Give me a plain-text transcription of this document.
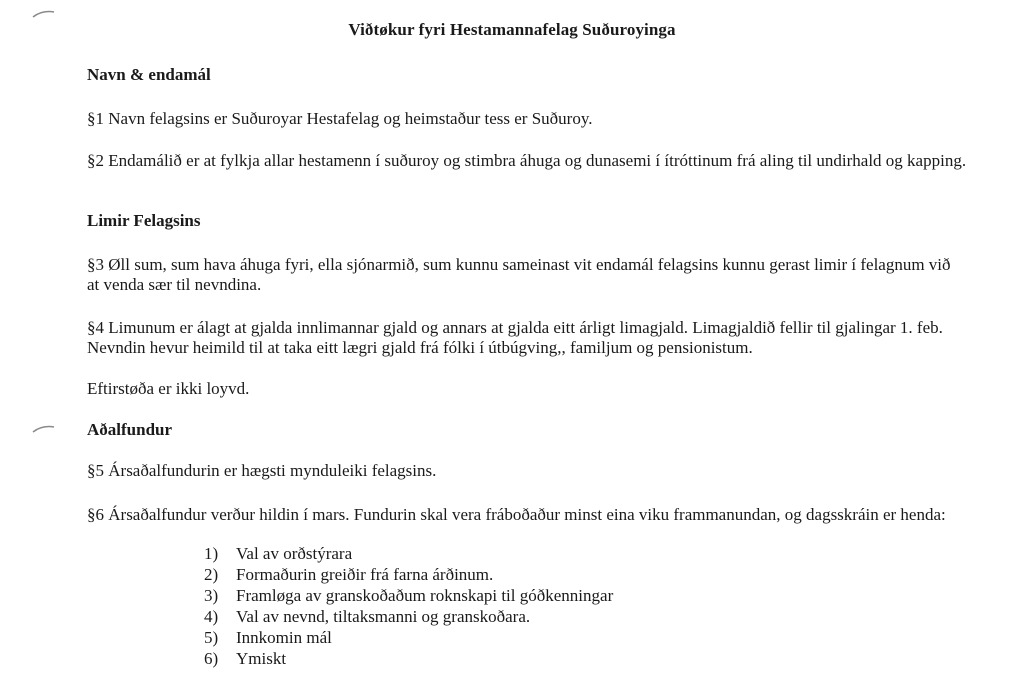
Viðtøkur fyri Hestamannafelag Suðuroyinga
Navn & endamál
§1 Navn felagsins er Suðuroyar Hestafelag og heimstaður tess er Suðuroy.
§2 Endamálið er at fylkja allar hestamenn í suðuroy og stimbra áhuga og dunasemi í ítróttinum frá aling til undirhald og kapping.
Limir Felagsins
§3 Øll sum, sum hava áhuga fyri, ella sjónarmið, sum kunnu sameinast vit endamál felagsins kunnu gerast limir í felagnum við at venda sær til nevndina.
§4 Limunum er álagt at gjalda innlimannar gjald og annars at gjalda eitt árligt limagjald. Limagjaldið fellir til gjalingar 1. feb. Nevndin hevur heimild til at taka eitt lægri gjald frá fólki í útbúgving,, familjum og pensionistum.
Eftirstøða er ikki loyvd.
Aðalfundur
§5 Ársaðalfundurin er hægsti mynduleiki felagsins.
§6 Ársaðalfundur verður hildin í mars. Fundurin skal vera fráboðaður minst eina viku frammanundan, og dagsskráin er henda:
1) Val av orðstýrara
2) Formaðurin greiðir frá farna árðinum.
3) Framløga av granskoðaðum roknskapi til góðkenningar
4) Val av nevnd, tiltaksmanni og granskoðara.
5) Innkomin mál
6) Ymiskt
